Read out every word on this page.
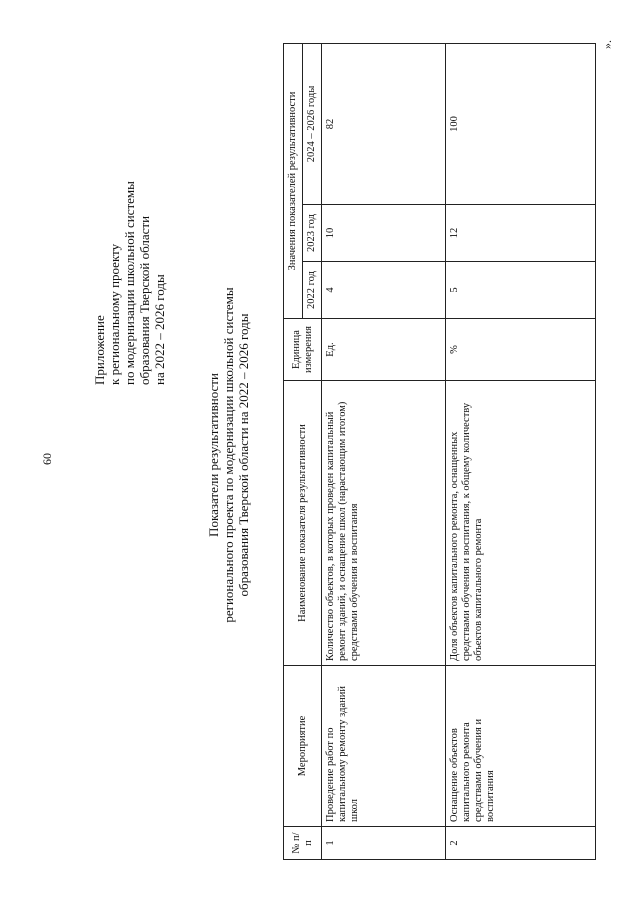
60
Приложение к региональному проекту по модернизации школьной системы образования Тверской области на 2022 – 2026 годы
Показатели результативности регионального проекта по модернизации школьной системы образования Тверской области на 2022 – 2026 годы
№ п/п	Мероприятие	Наименование показателя результативности	Единица измерения	Значения показателей результативности		
				2022 год	2023 год	2024 – 2026 годы
1	Проведение работ по капитальному ремонту зданий школ	Количество объектов, в которых проведен капитальный ремонт зданий, и оснащение школ (нарастающим итогом) средствами обучения и воспитания	Ед.	4	10	82
2	Оснащение объектов капитального ремонта средствами обучения и воспитания	Доля объектов капитального ремонта, оснащенных средствами обучения и воспитания, к общему количеству объектов капитального ремонта	%	5	12	100
».
